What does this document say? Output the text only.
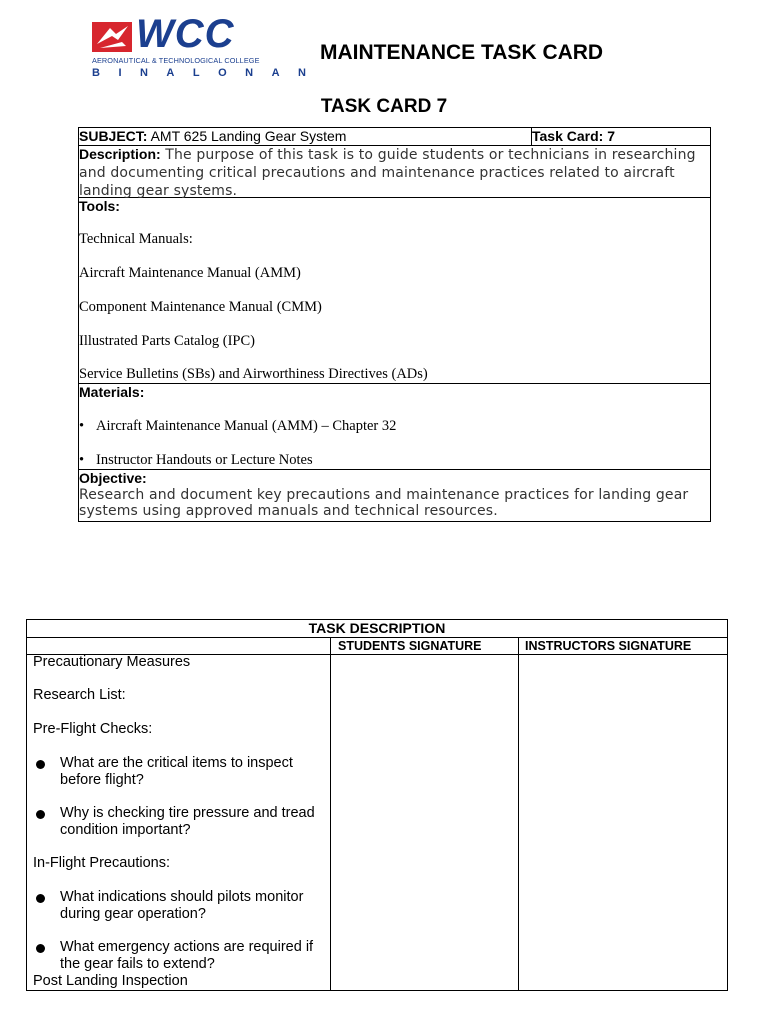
WCC
AERONAUTICAL & TECHNOLOGICAL COLLEGE
B I N A L O N A N
MAINTENANCE TASK CARD
TASK CARD 7
SUBJECT: AMT 625 Landing Gear System	Task Card: 7
Description: The purpose of this task is to guide students or technicians in researching and documenting critical precautions and maintenance practices related to aircraft landing gear systems.
Tools:
Technical Manuals:
Aircraft Maintenance Manual (AMM)
Component Maintenance Manual (CMM)
Illustrated Parts Catalog (IPC)
Service Bulletins (SBs) and Airworthiness Directives (ADs)
Materials:
• Aircraft Maintenance Manual (AMM) – Chapter 32
• Instructor Handouts or Lecture Notes
Objective:
Research and document key precautions and maintenance practices for landing gear systems using approved manuals and technical resources.
TASK DESCRIPTION
STUDENTS SIGNATURE	INSTRUCTORS SIGNATURE
Precautionary Measures
Research List:
Pre-Flight Checks:
What are the critical items to inspect before flight?
Why is checking tire pressure and tread condition important?
In-Flight Precautions:
What indications should pilots monitor during gear operation?
What emergency actions are required if the gear fails to extend?
Post Landing Inspection
